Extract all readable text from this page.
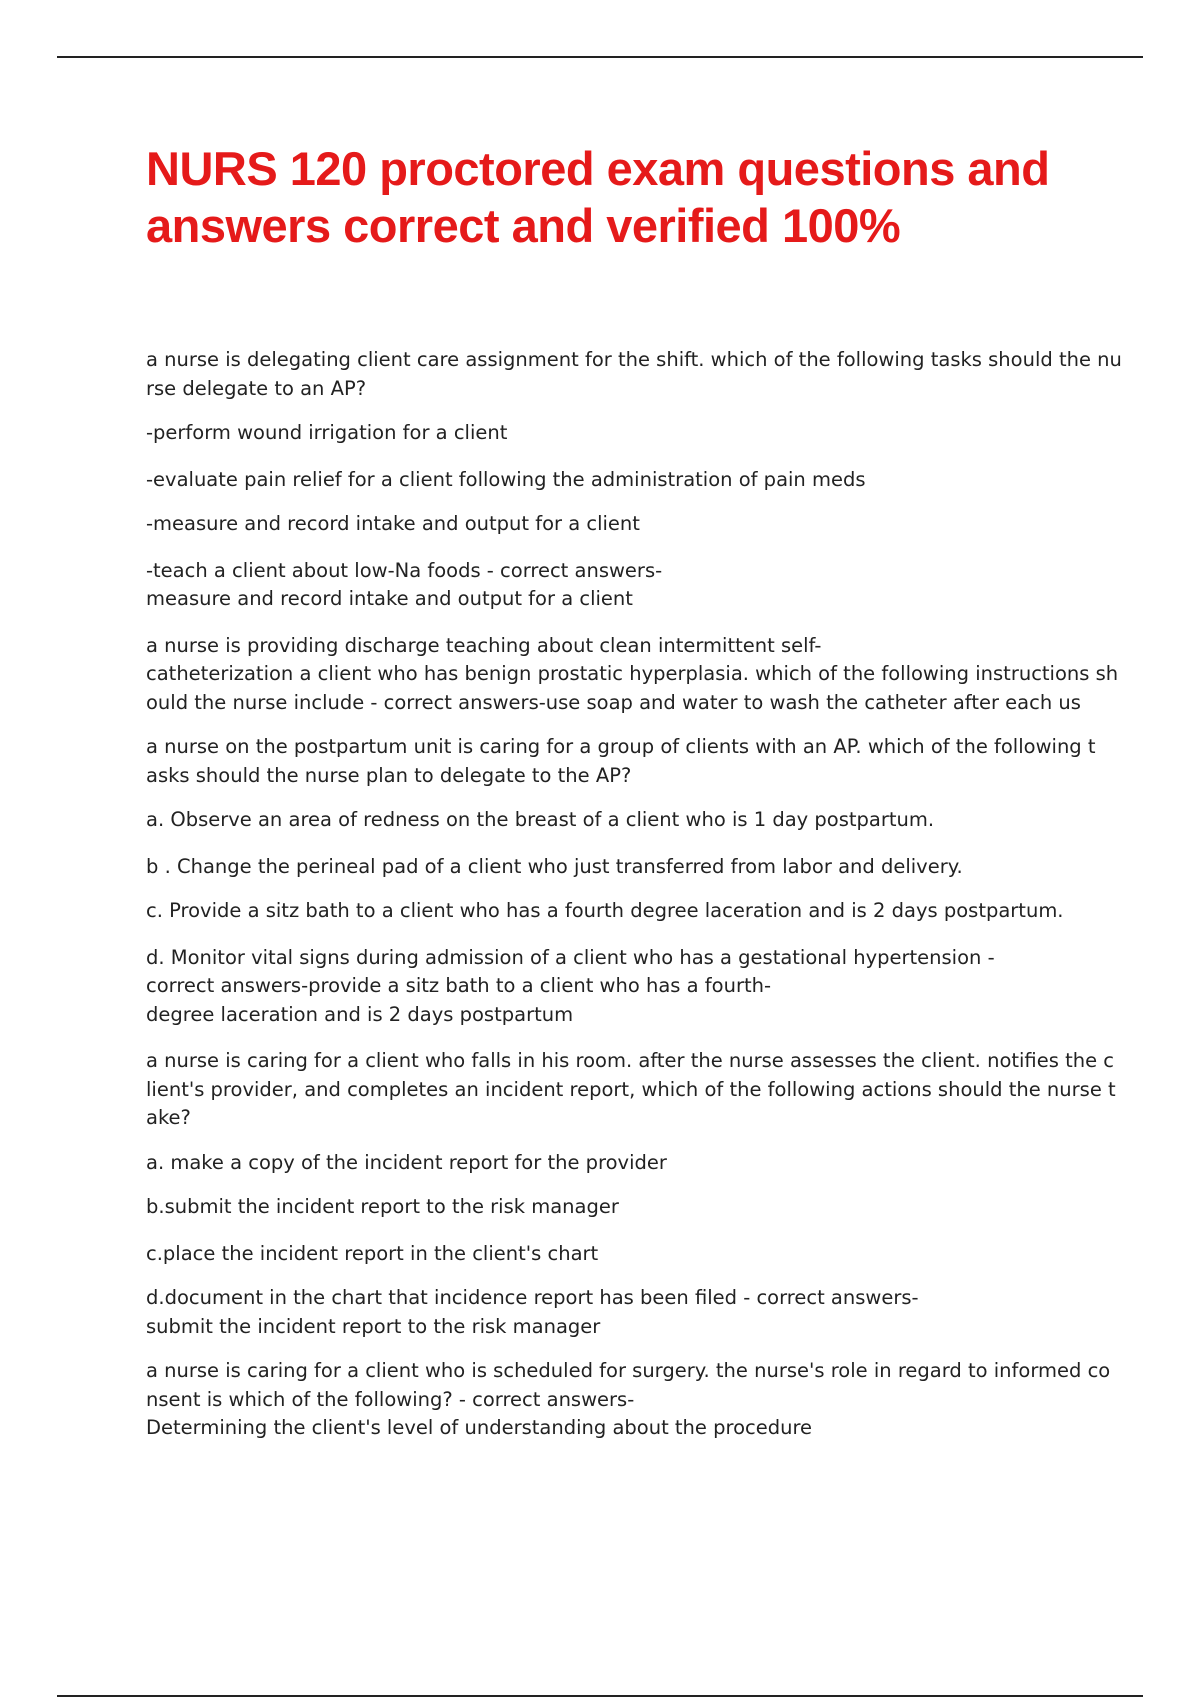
NURS 120 proctored exam questions and
answers correct and verified 100%
a nurse is delegating client care assignment for the shift. which of the following tasks should the nu
rse delegate to an AP?
-perform wound irrigation for a client
-evaluate pain relief for a client following the administration of pain meds
-measure and record intake and output for a client
-teach a client about low-Na foods - correct answers-
measure and record intake and output for a client
a nurse is providing discharge teaching about clean intermittent self-
catheterization a client who has benign prostatic hyperplasia. which of the following instructions sh
ould the nurse include - correct answers-use soap and water to wash the catheter after each us
a nurse on the postpartum unit is caring for a group of clients with an AP. which of the following t
asks should the nurse plan to delegate to the AP?
a. Observe an area of redness on the breast of a client who is 1 day postpartum.
b . Change the perineal pad of a client who just transferred from labor and delivery.
c. Provide a sitz bath to a client who has a fourth degree laceration and is 2 days postpartum.
d. Monitor vital signs during admission of a client who has a gestational hypertension -
correct answers-provide a sitz bath to a client who has a fourth-
degree laceration and is 2 days postpartum
a nurse is caring for a client who falls in his room. after the nurse assesses the client. notifies the c
lient's provider, and completes an incident report, which of the following actions should the nurse t
ake?
a. make a copy of the incident report for the provider
b.submit the incident report to the risk manager
c.place the incident report in the client's chart
d.document in the chart that incidence report has been filed - correct answers-
submit the incident report to the risk manager
a nurse is caring for a client who is scheduled for surgery. the nurse's role in regard to informed co
nsent is which of the following? - correct answers-
Determining the client's level of understanding about the procedure
